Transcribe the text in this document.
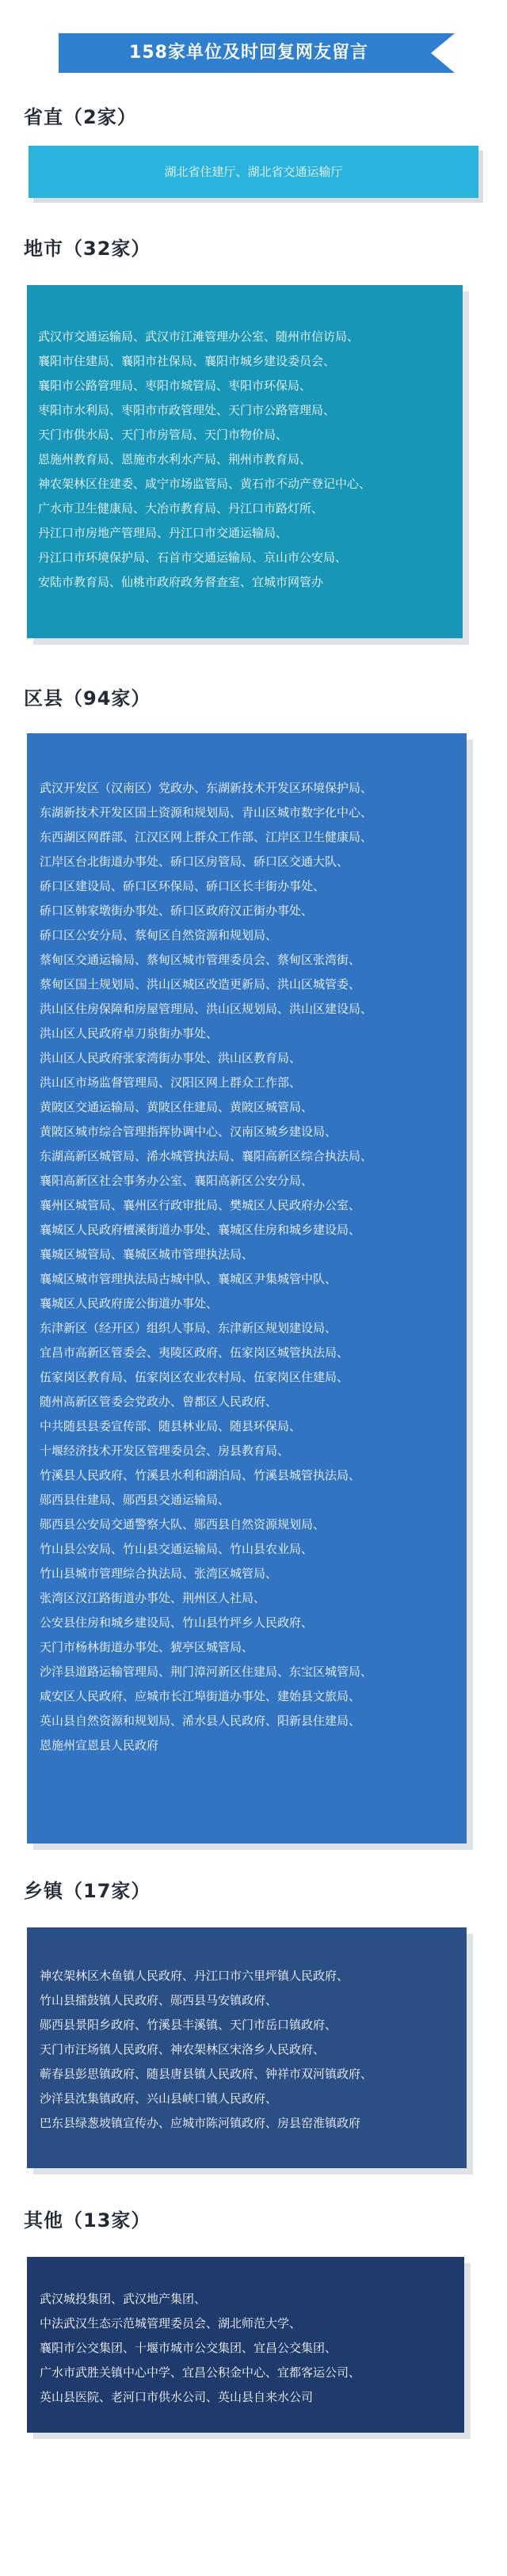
158家单位及时回复网友留言
省直（2家）
湖北省住建厅、湖北省交通运输厅
地市（32家）
武汉市交通运输局、武汉市江滩管理办公室、随州市信访局、
襄阳市住建局、襄阳市社保局、襄阳市城乡建设委员会、
襄阳市公路管理局、枣阳市城管局、枣阳市环保局、
枣阳市水利局、枣阳市市政管理处、天门市公路管理局、
天门市供水局、天门市房管局、天门市物价局、
恩施州教育局、恩施市水利水产局、荆州市教育局、
神农架林区住建委、咸宁市场监管局、黄石市不动产登记中心、
广水市卫生健康局、大冶市教育局、丹江口市路灯所、
丹江口市房地产管理局、丹江口市交通运输局、
丹江口市环境保护局、石首市交通运输局、京山市公安局、
安陆市教育局、仙桃市政府政务督查室、宜城市网管办
区县（94家）
武汉开发区（汉南区）党政办、东湖新技术开发区环境保护局、
东湖新技术开发区国土资源和规划局、青山区城市数字化中心、
东西湖区网群部、江汉区网上群众工作部、江岸区卫生健康局、
江岸区台北街道办事处、硚口区房管局、硚口区交通大队、
硚口区建设局、硚口区环保局、硚口区长丰街办事处、
硚口区韩家墩街办事处、硚口区政府汉正街办事处、
硚口区公安分局、蔡甸区自然资源和规划局、
蔡甸区交通运输局、蔡甸区城市管理委员会、蔡甸区张湾街、
蔡甸区国土规划局、洪山区城区改造更新局、洪山区城管委、
洪山区住房保障和房屋管理局、洪山区规划局、洪山区建设局、
洪山区人民政府卓刀泉街办事处、
洪山区人民政府张家湾街办事处、洪山区教育局、
洪山区市场监督管理局、汉阳区网上群众工作部、
黄陂区交通运输局、黄陂区住建局、黄陂区城管局、
黄陂区城市综合管理指挥协调中心、汉南区城乡建设局、
东湖高新区城管局、浠水城管执法局、襄阳高新区综合执法局、
襄阳高新区社会事务办公室、襄阳高新区公安分局、
襄州区城管局、襄州区行政审批局、樊城区人民政府办公室、
襄城区人民政府檀溪街道办事处、襄城区住房和城乡建设局、
襄城区城管局、襄城区城市管理执法局、
襄城区城市管理执法局古城中队、襄城区尹集城管中队、
襄城区人民政府庞公街道办事处、
东津新区（经开区）组织人事局、东津新区规划建设局、
宜昌市高新区管委会、夷陵区政府、伍家岗区城管执法局、
伍家岗区教育局、伍家岗区农业农村局、伍家岗区住建局、
随州高新区管委会党政办、曾都区人民政府、
中共随县县委宣传部、随县林业局、随县环保局、
十堰经济技术开发区管理委员会、房县教育局、
竹溪县人民政府、竹溪县水利和湖泊局、竹溪县城管执法局、
郧西县住建局、郧西县交通运输局、
郧西县公安局交通警察大队、郧西县自然资源规划局、
竹山县公安局、竹山县交通运输局、竹山县农业局、
竹山县城市管理综合执法局、张湾区城管局、
张湾区汉江路街道办事处、荆州区人社局、
公安县住房和城乡建设局、竹山县竹坪乡人民政府、
天门市杨林街道办事处、猇亭区城管局、
沙洋县道路运输管理局、荆门漳河新区住建局、东宝区城管局、
咸安区人民政府、应城市长江埠街道办事处、建始县文旅局、
英山县自然资源和规划局、浠水县人民政府、阳新县住建局、
恩施州宣恩县人民政府
乡镇（17家）
神农架林区木鱼镇人民政府、丹江口市六里坪镇人民政府、
竹山县擂鼓镇人民政府、郧西县马安镇政府、
郧西县景阳乡政府、竹溪县丰溪镇、天门市岳口镇政府、
天门市汪场镇人民政府、神农架林区宋洛乡人民政府、
蕲春县彭思镇政府、随县唐县镇人民政府、钟祥市双河镇政府、
沙洋县沈集镇政府、兴山县峡口镇人民政府、
巴东县绿葱坡镇宣传办、应城市陈河镇政府、房县窑淮镇政府
其他（13家）
武汉城投集团、武汉地产集团、
中法武汉生态示范城管理委员会、湖北师范大学、
襄阳市公交集团、十堰市城市公交集团、宜昌公交集团、
广水市武胜关镇中心中学、宜昌公积金中心、宜都客运公司、
英山县医院、老河口市供水公司、英山县自来水公司
